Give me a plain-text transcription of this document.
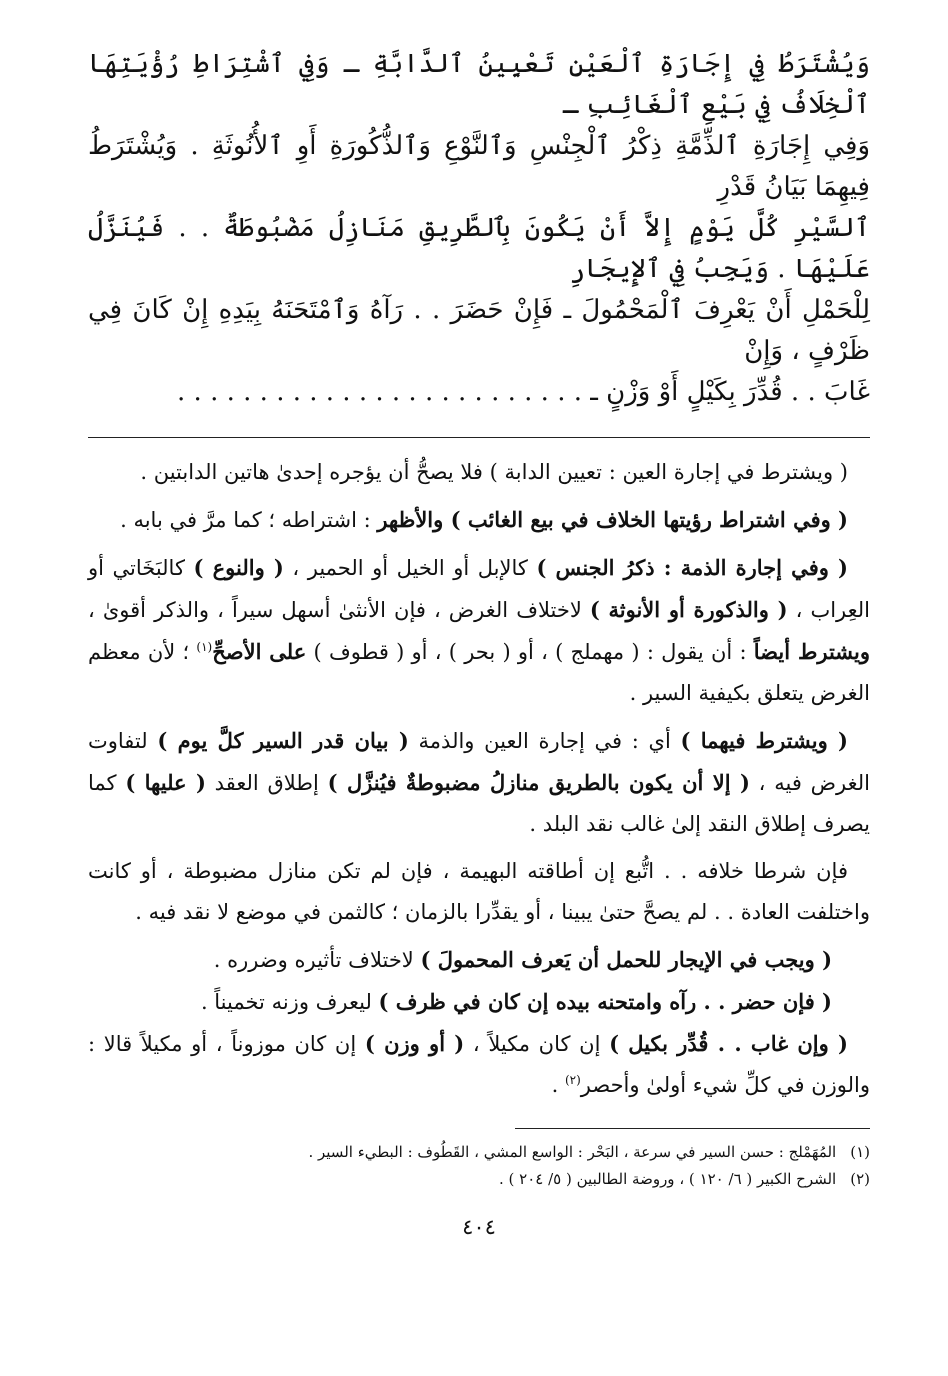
وَيُشْتَرَطُ فِي إِجَارَةِ ٱلْعَيْنِ تَعْيِينُ ٱلدَّابَّةِ ـ وَفِي ٱشْتِرَاطِ رُؤْيَتِهَا ٱلْخِلَافُ فِي بَيْعِ ٱلْغَائِبِ ـ

وَفِي إِجَارَةِ ٱلذِّمَّةِ ذِكْرُ ٱلْجِنْسِ وَٱلنَّوْعِ وَٱلذُّكُورَةِ أَوِ ٱلأُنُوثَةِ . وَيُشْتَرَطُ فِيهِمَا بَيَانُ قَدْرِ

ٱلسَّيْرِ كُلَّ يَوْمٍ إِلاَّ أَنْ يَكُونَ بِٱلطَّرِيقِ مَنَازِلُ مَضْبُوطَةٌ . . فَيُنَزَّلُ عَلَيْهَا . وَيَجِبُ فِي ٱلإِيجَارِ

لِلْحَمْلِ أَنْ يَعْرِفَ ٱلْمَحْمُولَ ـ فَإِنْ حَضَرَ . . رَآهُ وَٱمْتَحَنَهُ بِيَدِهِ إِنْ كَانَ فِي ظَرْفٍ ، وَإِنْ

غَابَ . . قُدِّرَ بِكَيْلٍ أَوْ وَزْنٍ ـ . . . . . . . . . . . . . . . . . . . . . . . . .

( ويشترط في إجارة العين : تعيين الدابة ) فلا يصحُّ أن يؤجره إحدىٰ هاتين الدابتين .

( وفي اشتراط رؤيتها الخلاف في بيع الغائب ) والأظهر : اشتراطه ؛ كما مرَّ في بابه .

( وفي إجارة الذمة : ذكرُ الجنس ) كالإبل أو الخيل أو الحمير ، ( والنوع ) كالبَخَاتي أو العِراب ، ( والذكورة أو الأنوثة ) لاختلاف الغرض ، فإن الأنثىٰ أسهل سيراً ، والذكر أقوىٰ ، ويشترط أيضاً : أن يقول : ( مهملج ) ، أو ( بحر ) ، أو ( قطوف ) على الأصحِّ$^{(١)}$ ؛ لأن معظم الغرض يتعلق بكيفية السير .

( ويشترط فيهما ) أي : في إجارة العين والذمة ( بيان قدر السير كلَّ يوم ) لتفاوت الغرض فيه ، ( إلا أن يكون بالطريق منازلُ مضبوطةٌ فيُنزَّل ) إطلاق العقد ( عليها ) كما يصرف إطلاق النقد إلىٰ غالب نقد البلد .

فإن شرطا خلافه . . اتُّبع إن أطاقته البهيمة ، فإن لم تكن منازل مضبوطة ، أو كانت واختلفت العادة . . لم يصحَّ حتىٰ يبينا ، أو يقدِّرا بالزمان ؛ كالثمن في موضع لا نقد فيه .

( ويجب في الإيجار للحمل أن يَعرف المحمولَ ) لاختلاف تأثيره وضرره .

( فإن حضر . . رآه وامتحنه بيده إن كان في ظرف ) ليعرف وزنه تخميناً .

( وإن غاب . . قُدِّر بكيل ) إن كان مكيلاً ، ( أو وزن ) إن كان موزوناً ، أو مكيلاً قالا : والوزن في كلِّ شيء أولىٰ وأحصر$^{(٢)}$ .

(١)المُهَمْلج : حسن السير في سرعة ، البَحْر : الواسع المشي ، القَطُوف : البطيء السير .

(٢)الشرح الكبير ( ٦/ ١٢٠ ) ، وروضة الطالبين ( ٥/ ٢٠٤ ) .

٤٠٤
